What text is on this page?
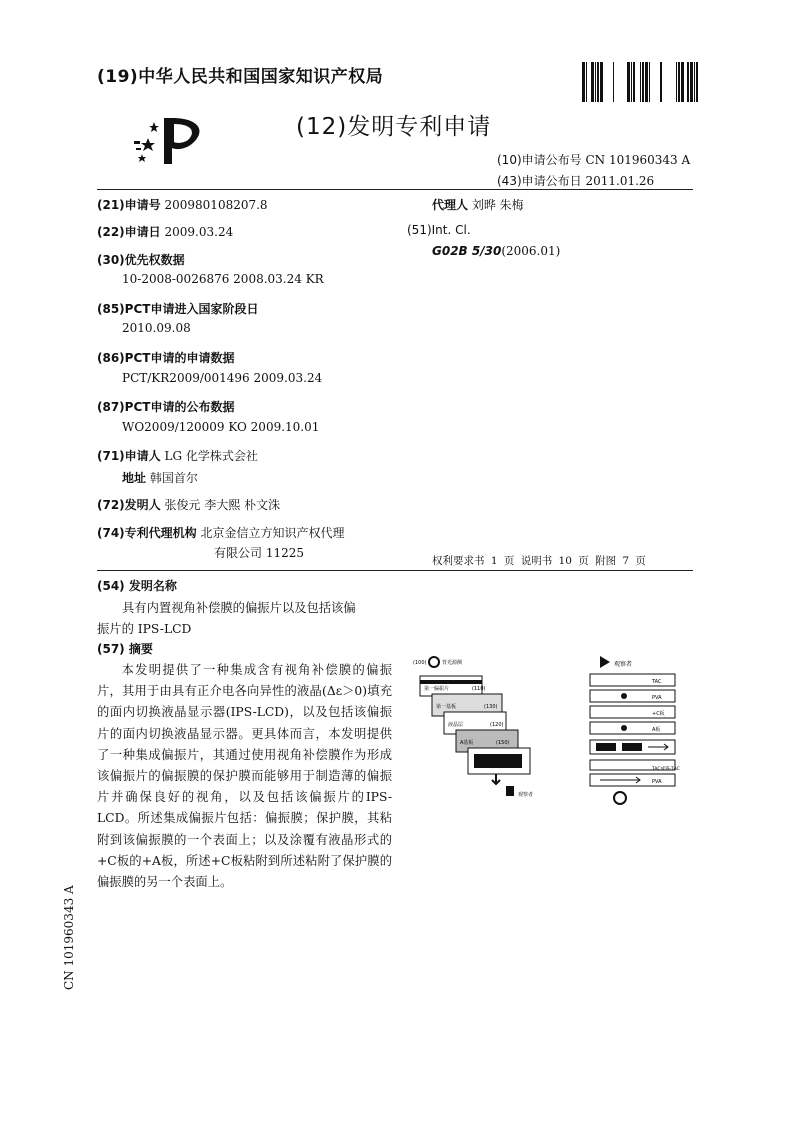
(19)中华人民共和国国家知识产权局
(12)发明专利申请
(10)申请公布号 CN 101960343 A
(43)申请公布日 2011.01.26
(21)申请号 200980108207.8
(22)申请日 2009.03.24
(30)优先权数据
10-2008-0026876 2008.03.24 KR
(85)PCT申请进入国家阶段日
2010.09.08
(86)PCT申请的申请数据
PCT/KR2009/001496 2009.03.24
(87)PCT申请的公布数据
WO2009/120009 KO 2009.10.01
(71)申请人 LG 化学株式会社
地址 韩国首尔
(72)发明人 张俊元 李大熙 朴文洙
(74)专利代理机构 北京金信立方知识产权代理
有限公司 11225
代理人 刘晔 朱梅
(51)Int. Cl.
G02B 5/30(2006.01)
权利要求书 1 页 说明书 10 页 附图 7 页
(54) 发明名称
具有内置视角补偿膜的偏振片以及包括该偏
振片的 IPS-LCD
(57) 摘要

本发明提供了一种集成含有视角补偿膜的偏振片，其用于由具有正介电各向异性的液晶(Δε＞0)填充的面内切换液晶显示器(IPS-LCD)，以及包括该偏振片的面内切换液晶显示器。更具体而言，本发明提供了一种集成偏振片，其通过使用视角补偿膜作为形成该偏振片的偏振膜的保护膜而能够用于制造薄的偏振片并确保良好的视角，以及包括该偏振片的IPS-LCD。所述集成偏振片包括：偏振膜；保护膜，其粘附到该偏振膜的一个表面上；以及涂覆有液晶形式的+C板的+A板，所述+C板粘附到所述粘附了保护膜的偏振膜的另一个表面上。

(100)	背光源侧
第一偏振片	(110)
第一基板	(130)
液晶层	(120)
A基板	(150)
观察者
观察者
TAC
PVA
+C板
A板
TAC或零-TAC
PVA
CN 101960343 A
